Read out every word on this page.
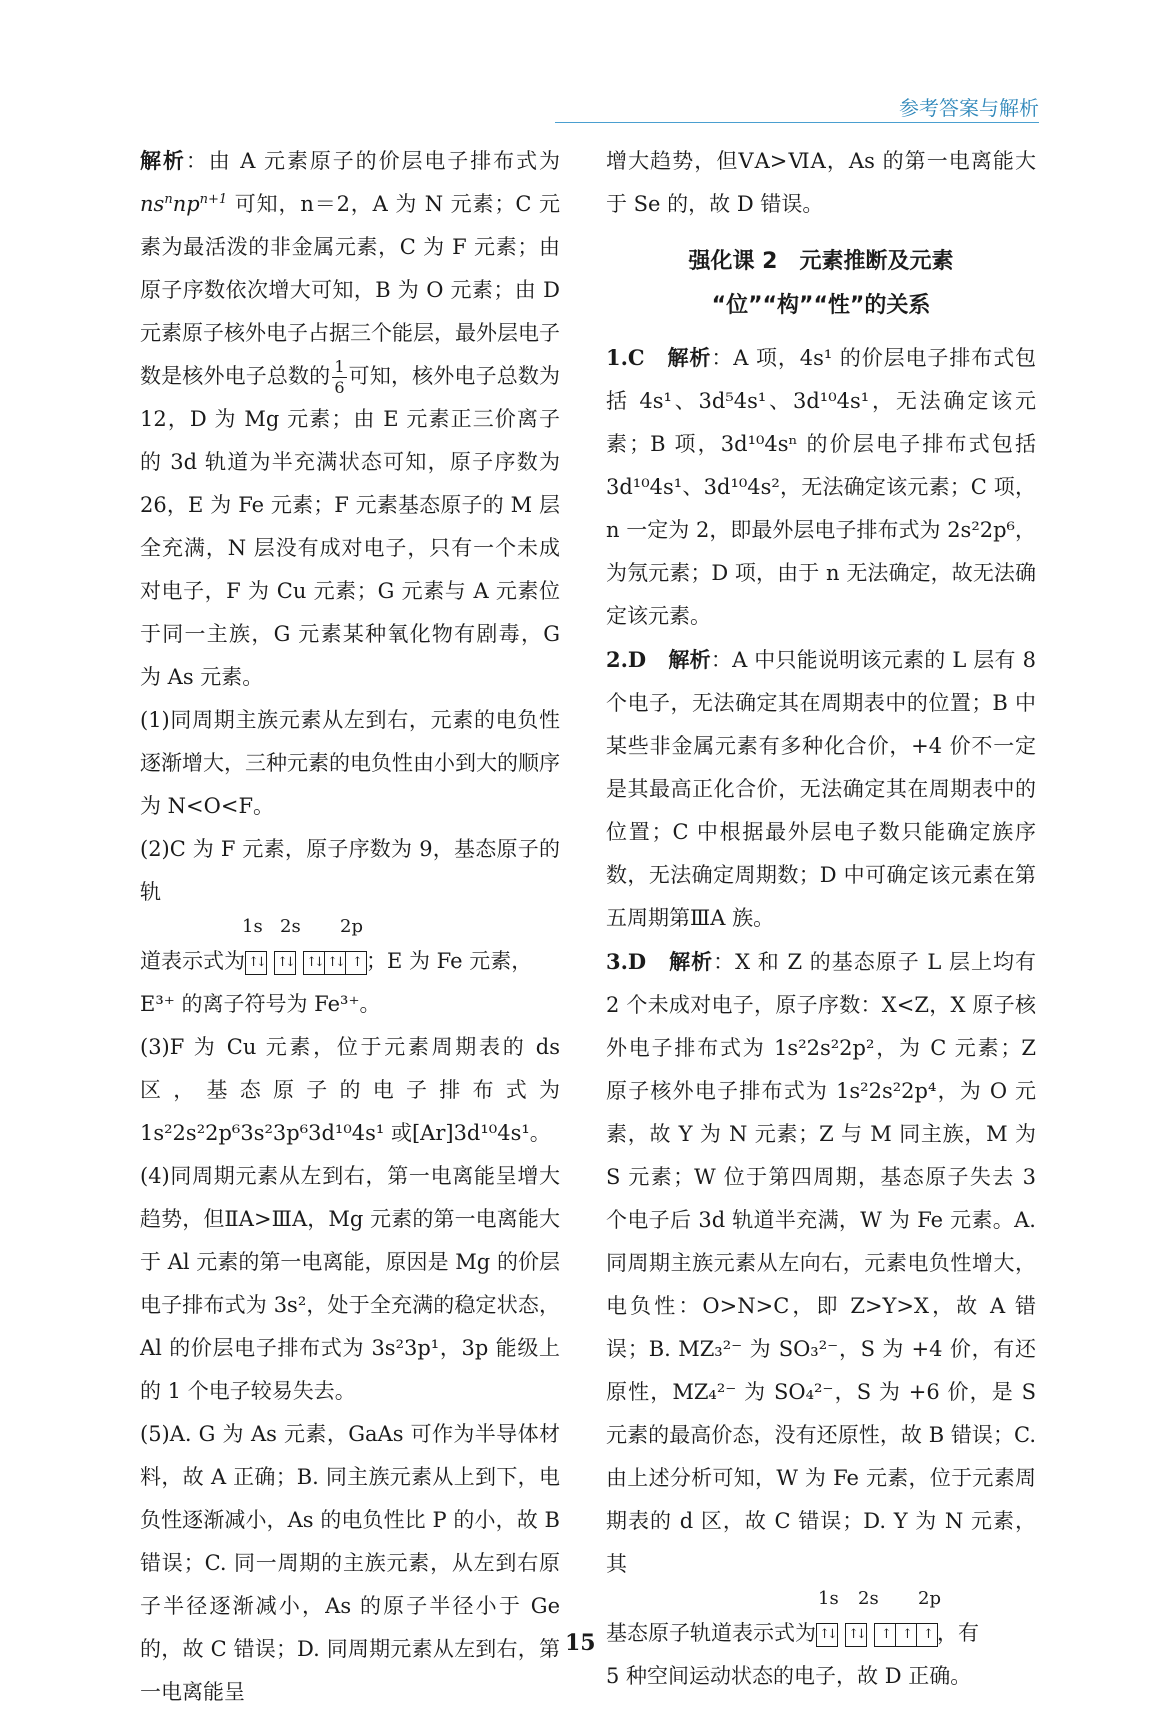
参考答案与解析

解析：由 A 元素原子的价层电子排布式为 $ns^nnp^{n+1}$ 可知，n＝2，A 为 N 元素；C 元素为最活泼的非金属元素，C 为 F 元素；由原子序数依次增大可知，B 为 O 元素；由 D 元素原子核外电子占据三个能层，最外层电子数是核外电子总数的 $\frac{1}{6}$ 可知，核外电子总数为 12，D 为 Mg 元素；由 E 元素正三价离子的 3d 轨道为半充满状态可知，原子序数为 26，E 为 Fe 元素；F 元素基态原子的 M 层全充满，N 层没有成对电子，只有一个未成对电子，F 为 Cu 元素；G 元素与 A 元素位于同一主族，G 元素某种氧化物有剧毒，G 为 As 元素。

(1)同周期主族元素从左到右，元素的电负性逐渐增大，三种元素的电负性由小到大的顺序为 N<O<F。

(2)C 为 F 元素，原子序数为 9，基态原子的轨

1s 2s 2p
道表示式为 ↑↓ ↑↓ ↑↓ ↑↓ ↑ ；E 为 Fe 元素，

E³⁺ 的离子符号为 Fe³⁺。

(3)F 为 Cu 元素，位于元素周期表的 ds 区，基态原子的电子排布式为 1s²2s²2p⁶3s²3p⁶3d¹⁰4s¹ 或[Ar]3d¹⁰4s¹。

(4)同周期元素从左到右，第一电离能呈增大趋势，但ⅡA>ⅢA，Mg 元素的第一电离能大于 Al 元素的第一电离能，原因是 Mg 的价层电子排布式为 3s²，处于全充满的稳定状态，Al 的价层电子排布式为 3s²3p¹，3p 能级上的 1 个电子较易失去。

(5)A. G 为 As 元素，GaAs 可作为半导体材料，故 A 正确；B. 同主族元素从上到下，电负性逐渐减小，As 的电负性比 P 的小，故 B 错误；C. 同一周期的主族元素，从左到右原子半径逐渐减小，As 的原子半径小于 Ge 的，故 C 错误；D. 同周期元素从左到右，第一电离能呈

增大趋势，但ⅤA>ⅥA，As 的第一电离能大于 Se 的，故 D 错误。

强化课 2　元素推断及元素

“位”“构”“性”的关系

1.C 解析：A 项，4s¹ 的价层电子排布式包括 4s¹、3d⁵4s¹、3d¹⁰4s¹，无法确定该元素；B 项，3d¹⁰4sⁿ 的价层电子排布式包括 3d¹⁰4s¹、3d¹⁰4s²，无法确定该元素；C 项，n 一定为 2，即最外层电子排布式为 2s²2p⁶，为氖元素；D 项，由于 n 无法确定，故无法确定该元素。

2.D 解析：A 中只能说明该元素的 L 层有 8 个电子，无法确定其在周期表中的位置；B 中某些非金属元素有多种化合价，+4 价不一定是其最高正化合价，无法确定其在周期表中的位置；C 中根据最外层电子数只能确定族序数，无法确定周期数；D 中可确定该元素在第五周期第ⅢA 族。

3.D 解析：X 和 Z 的基态原子 L 层上均有 2 个未成对电子，原子序数：X<Z，X 原子核外电子排布式为 1s²2s²2p²，为 C 元素；Z 原子核外电子排布式为 1s²2s²2p⁴，为 O 元素，故 Y 为 N 元素；Z 与 M 同主族，M 为 S 元素；W 位于第四周期，基态原子失去 3 个电子后 3d 轨道半充满，W 为 Fe 元素。A. 同周期主族元素从左向右，元素电负性增大，电负性：O>N>C，即 Z>Y>X，故 A 错误；B. MZ₃²⁻ 为 SO₃²⁻，S 为 +4 价，有还原性，MZ₄²⁻ 为 SO₄²⁻，S 为 +6 价，是 S 元素的最高价态，没有还原性，故 B 错误；C. 由上述分析可知，W 为 Fe 元素，位于元素周期表的 d 区，故 C 错误；D. Y 为 N 元素，其

1s 2s 2p
基态原子轨道表示式为 ↑↓ ↑↓ ↑ ↑ ↑ ，有

5 种空间运动状态的电子，故 D 正确。

15
